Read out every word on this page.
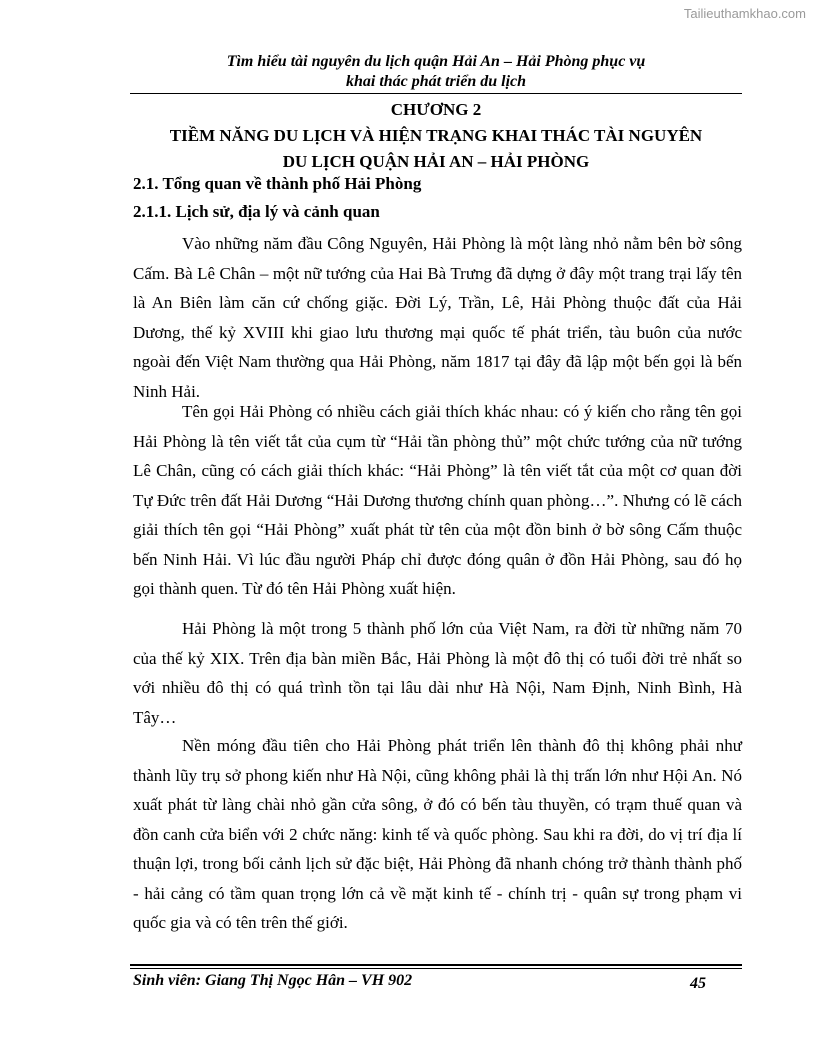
Tailieuthamkhao.com
Tìm hiểu tài nguyên du lịch quận Hải An – Hải Phòng phục vụ
khai thác phát triển du lịch
CHƯƠNG 2
TIỀM NĂNG DU LỊCH VÀ HIỆN TRẠNG KHAI THÁC TÀI NGUYÊN
DU LỊCH QUẬN HẢI AN – HẢI PHÒNG
2.1. Tổng quan về thành phố Hải Phòng
2.1.1. Lịch sử, địa lý và cảnh quan

Vào những năm đầu Công Nguyên, Hải Phòng là một làng nhỏ nằm bên bờ sông Cấm. Bà Lê Chân – một nữ tướng của Hai Bà Trưng đã dựng ở đây một trang trại lấy tên là An Biên làm căn cứ chống giặc. Đời Lý, Trần, Lê, Hải Phòng thuộc đất của Hải Dương, thế kỷ XVIII khi giao lưu thương mại quốc tế phát triển, tàu buôn của nước ngoài đến Việt Nam thường qua Hải Phòng, năm 1817 tại đây đã lập một bến gọi là bến Ninh Hải.

Tên gọi Hải Phòng có nhiều cách giải thích khác nhau: có ý kiến cho rằng tên gọi Hải Phòng là tên viết tắt của cụm từ “Hải tần phòng thủ” một chức tướng của nữ tướng Lê Chân, cũng có cách giải thích khác: “Hải Phòng” là tên viết tắt của một cơ quan đời Tự Đức trên đất Hải Dương “Hải Dương thương chính quan phòng…”. Nhưng có lẽ cách giải thích tên gọi “Hải Phòng” xuất phát từ tên của một đồn binh ở bờ sông Cấm thuộc bến Ninh Hải. Vì lúc đầu người Pháp chỉ được đóng quân ở đồn Hải Phòng, sau đó họ gọi thành quen. Từ đó tên Hải Phòng xuất hiện.

Hải Phòng là một trong 5 thành phố lớn của Việt Nam, ra đời từ những năm 70 của thế kỷ XIX. Trên địa bàn miền Bắc, Hải Phòng là một đô thị có tuổi đời trẻ nhất so với nhiều đô thị có quá trình tồn tại lâu dài như Hà Nội, Nam Định, Ninh Bình, Hà Tây…

Nền móng đầu tiên cho Hải Phòng phát triển lên thành đô thị không phải như thành lũy trụ sở phong kiến như Hà Nội, cũng không phải là thị trấn lớn như Hội An. Nó xuất phát từ làng chài nhỏ gần cửa sông, ở đó có bến tàu thuyền, có trạm thuế quan và đồn canh cửa biển với 2 chức năng: kinh tế và quốc phòng. Sau khi ra đời, do vị trí địa lí thuận lợi, trong bối cảnh lịch sử đặc biệt, Hải Phòng đã nhanh chóng trở thành thành phố - hải cảng có tầm quan trọng lớn cả về mặt kinh tế - chính trị - quân sự trong phạm vi quốc gia và có tên trên thế giới.

Sinh viên: Giang Thị Ngọc Hân – VH 902	45
